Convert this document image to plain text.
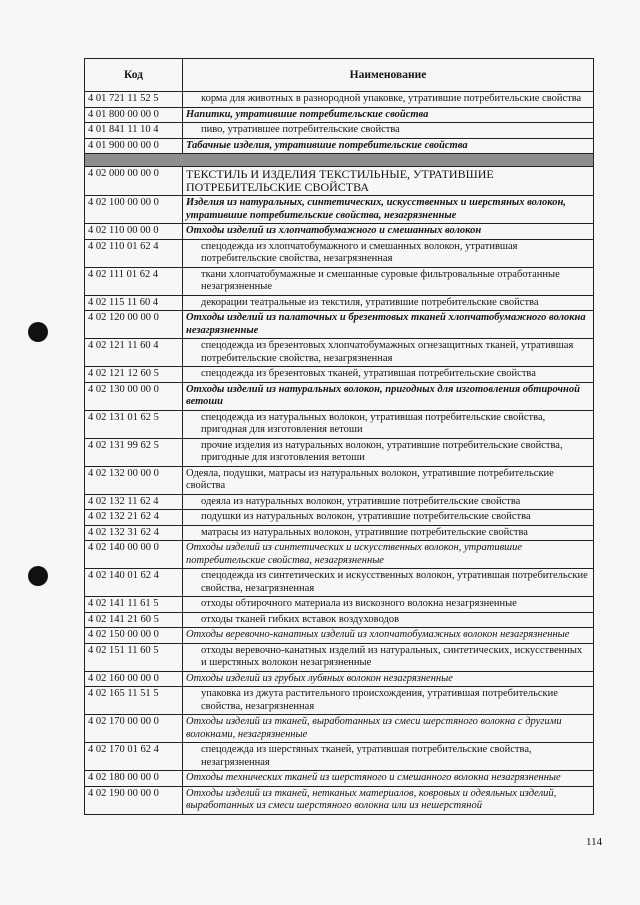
Код	Наименование
4 01 721 11 52 5	корма для животных в разнородной упаковке, утратившие потребительские свойства
4 01 800 00 00 0	Напитки, утратившие потребительские свойства
4 01 841 11 10 4	пиво, утратившее потребительские свойства
4 01 900 00 00 0	Табачные изделия, утратившие потребительские свойства

4 02 000 00 00 0	ТЕКСТИЛЬ И ИЗДЕЛИЯ ТЕКСТИЛЬНЫЕ, УТРАТИВШИЕ ПОТРЕБИТЕЛЬСКИЕ СВОЙСТВА
4 02 100 00 00 0	Изделия из натуральных, синтетических, искусственных и шерстяных волокон, утратившие потребительские свойства, незагрязненные
4 02 110 00 00 0	Отходы изделий из хлопчатобумажного и смешанных волокон
4 02 110 01 62 4	спецодежда из хлопчатобумажного и смешанных волокон, утратившая потребительские свойства, незагрязненная
4 02 111 01 62 4	ткани хлопчатобумажные и смешанные суровые фильтровальные отработанные незагрязненные
4 02 115 11 60 4	декорации театральные из текстиля, утратившие потребительские свойства
4 02 120 00 00 0	Отходы изделий из палаточных и брезентовых тканей хлопчатобумажного волокна незагрязненные
4 02 121 11 60 4	спецодежда из брезентовых хлопчатобумажных огнезащитных тканей, утратившая потребительские свойства, незагрязненная
4 02 121 12 60 5	спецодежда из брезентовых тканей, утратившая потребительские свойства
4 02 130 00 00 0	Отходы изделий из натуральных волокон, пригодных для изготовления обтирочной ветоши
4 02 131 01 62 5	спецодежда из натуральных волокон, утратившая потребительские свойства, пригодная для изготовления ветоши
4 02 131 99 62 5	прочие изделия из натуральных волокон, утратившие потребительские свойства, пригодные для изготовления ветоши
4 02 132 00 00 0	Одеяла, подушки, матрасы из натуральных волокон, утратившие потребительские свойства
4 02 132 11 62 4	одеяла из натуральных волокон, утратившие потребительские свойства
4 02 132 21 62 4	подушки из натуральных волокон, утратившие потребительские свойства
4 02 132 31 62 4	матрасы из натуральных волокон, утратившие потребительские свойства
4 02 140 00 00 0	Отходы изделий из синтетических и искусственных волокон, утратившие потребительские свойства, незагрязненные
4 02 140 01 62 4	спецодежда из синтетических и искусственных волокон, утратившая потребительские свойства, незагрязненная
4 02 141 11 61 5	отходы обтирочного материала из вискозного волокна незагрязненные
4 02 141 21 60 5	отходы тканей гибких вставок воздуховодов
4 02 150 00 00 0	Отходы веревочно-канатных изделий из хлопчатобумажных волокон незагрязненные
4 02 151 11 60 5	отходы веревочно-канатных изделий из натуральных, синтетических, искусственных и шерстяных волокон незагрязненные
4 02 160 00 00 0	Отходы изделий из грубых лубяных волокон незагрязненные
4 02 165 11 51 5	упаковка из джута растительного происхождения, утратившая потребительские свойства, незагрязненная
4 02 170 00 00 0	Отходы изделий из тканей, выработанных из смеси шерстяного волокна с другими волокнами, незагрязненные
4 02 170 01 62 4	спецодежда из шерстяных тканей, утратившая потребительские свойства, незагрязненная
4 02 180 00 00 0	Отходы технических тканей из шерстяного и смешанного волокна незагрязненные
4 02 190 00 00 0	Отходы изделий из тканей, нетканых материалов, ковровых и одеяльных изделий, выработанных из смеси шерстяного волокна или из нешерстяной
114
